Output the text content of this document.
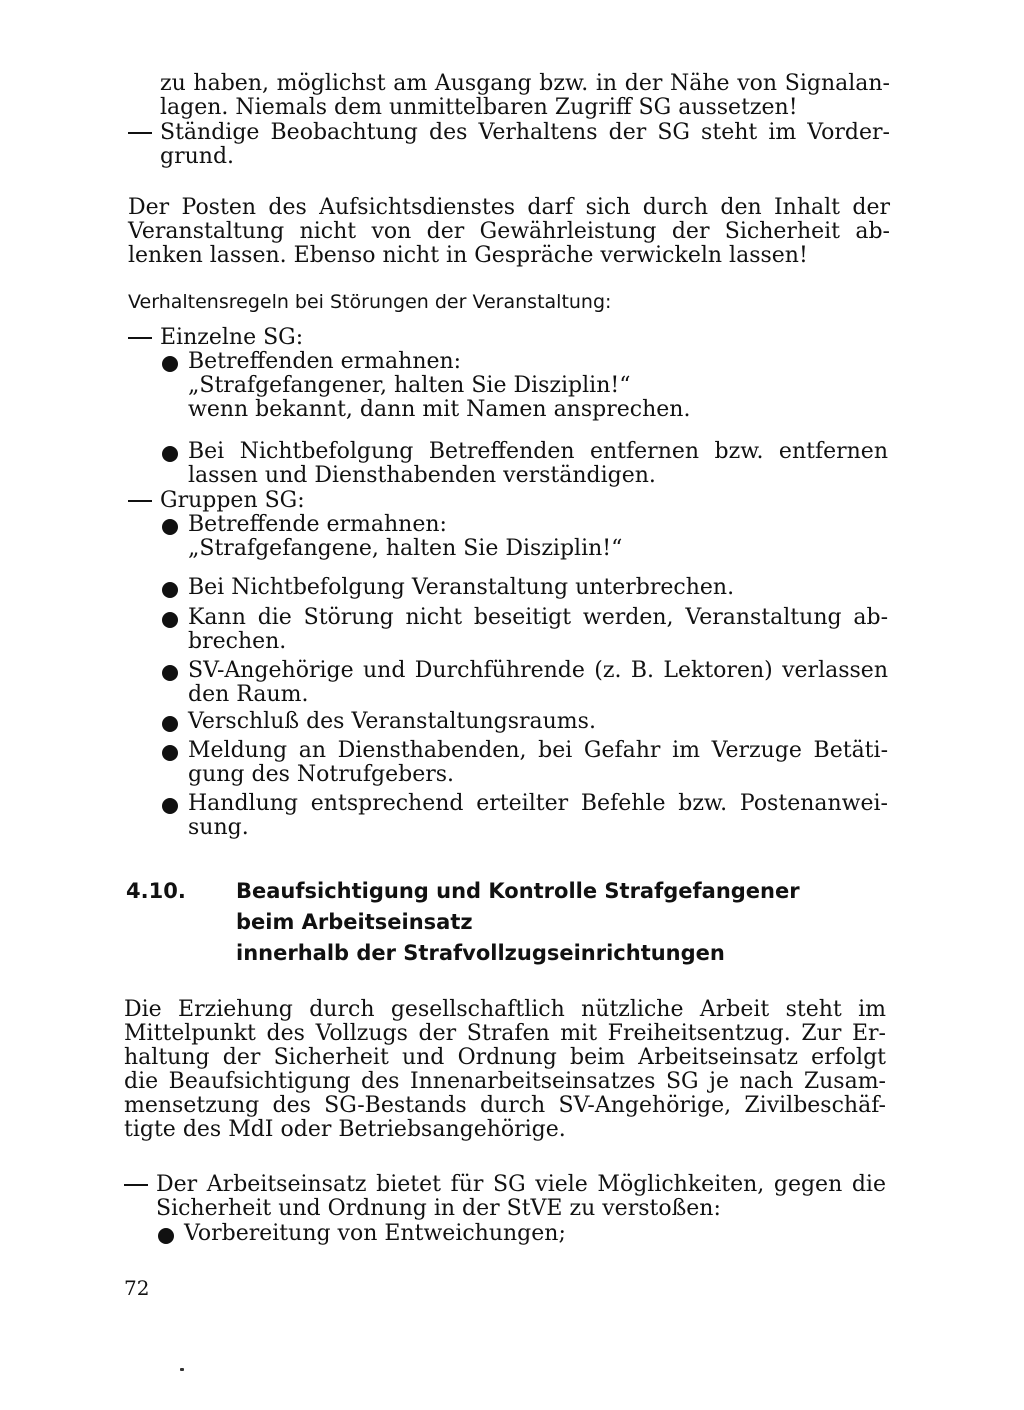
zu haben, möglichst am Ausgang bzw. in der Nähe von Signalan-
lagen. Niemals dem unmittelbaren Zugriff SG aussetzen!
Ständige Beobachtung des Verhaltens der SG steht im Vorder-
grund.
Der Posten des Aufsichtsdienstes darf sich durch den Inhalt der
Veranstaltung nicht von der Gewährleistung der Sicherheit ab-
lenken lassen. Ebenso nicht in Gespräche verwickeln lassen!
Verhaltensregeln bei Störungen der Veranstaltung:
Einzelne SG:
Betreffenden ermahnen:
„Strafgefangener, halten Sie Disziplin!“
wenn bekannt, dann mit Namen ansprechen.
Bei Nichtbefolgung Betreffenden entfernen bzw. entfernen
lassen und Diensthabenden verständigen.
Gruppen SG:
Betreffende ermahnen:
„Strafgefangene, halten Sie Disziplin!“
Bei Nichtbefolgung Veranstaltung unterbrechen.
Kann die Störung nicht beseitigt werden, Veranstaltung ab-
brechen.
SV-Angehörige und Durchführende (z. B. Lektoren) verlassen
den Raum.
Verschluß des Veranstaltungsraums.
Meldung an Diensthabenden, bei Gefahr im Verzuge Betäti-
gung des Notrufgebers.
Handlung entsprechend erteilter Befehle bzw. Postenanwei-
sung.
4.10. Beaufsichtigung und Kontrolle Strafgefangener
beim Arbeitseinsatz
innerhalb der Strafvollzugseinrichtungen
Die Erziehung durch gesellschaftlich nützliche Arbeit steht im
Mittelpunkt des Vollzugs der Strafen mit Freiheitsentzug. Zur Er-
haltung der Sicherheit und Ordnung beim Arbeitseinsatz erfolgt
die Beaufsichtigung des Innenarbeitseinsatzes SG je nach Zusam-
mensetzung des SG-Bestands durch SV-Angehörige, Zivilbeschäf-
tigte des MdI oder Betriebsangehörige.
Der Arbeitseinsatz bietet für SG viele Möglichkeiten, gegen die
Sicherheit und Ordnung in der StVE zu verstoßen:
Vorbereitung von Entweichungen;
72
